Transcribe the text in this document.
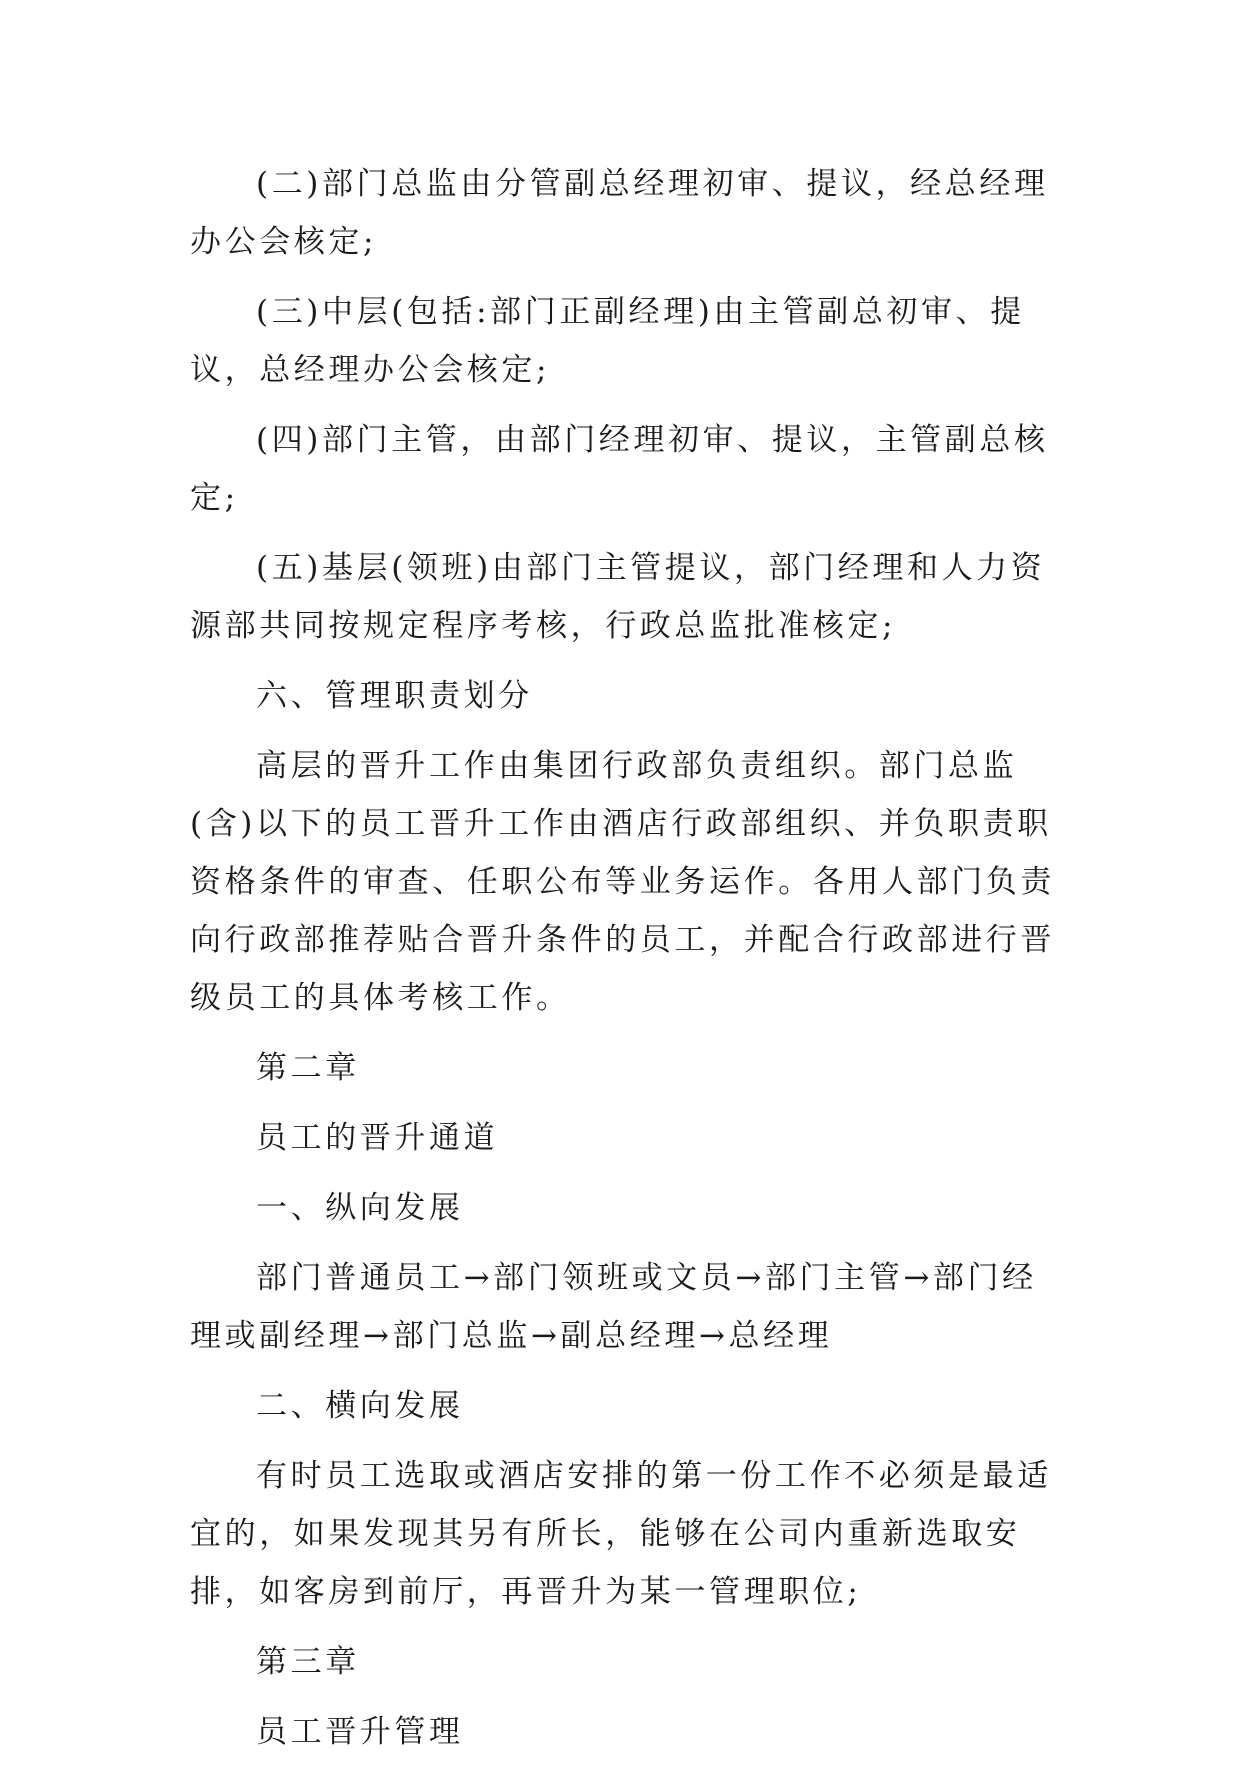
(二)部门总监由分管副总经理初审、提议，经总经理办公会核定;

(三)中层(包括:部门正副经理)由主管副总初审、提议，总经理办公会核定;

(四)部门主管，由部门经理初审、提议，主管副总核定;

(五)基层(领班)由部门主管提议，部门经理和人力资源部共同按规定程序考核，行政总监批准核定;

六、管理职责划分

高层的晋升工作由集团行政部负责组织。部门总监(含)以下的员工晋升工作由酒店行政部组织、并负职责职资格条件的审查、任职公布等业务运作。各用人部门负责向行政部推荐贴合晋升条件的员工，并配合行政部进行晋级员工的具体考核工作。

第二章

员工的晋升通道

一、纵向发展

部门普通员工→部门领班或文员→部门主管→部门经理或副经理→部门总监→副总经理→总经理

二、横向发展

有时员工选取或酒店安排的第一份工作不必须是最适宜的，如果发现其另有所长，能够在公司内重新选取安排，如客房到前厅，再晋升为某一管理职位;

第三章

员工晋升管理
